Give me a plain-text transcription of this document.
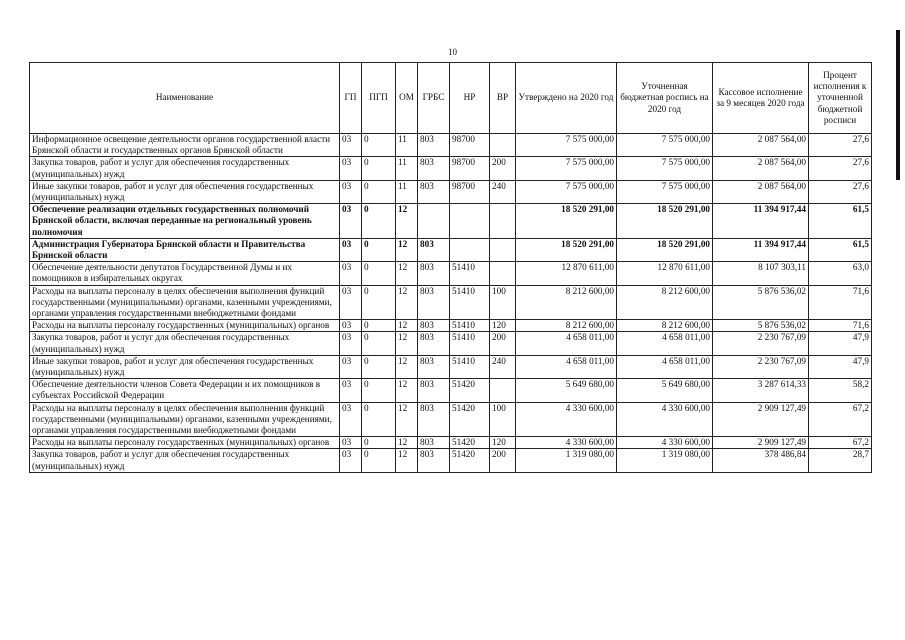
10
Наименование	ГП	ПГП	ОМ	ГРБС	НР	ВР	Утверждено на 2020 год	Уточненная бюджетная роспись на 2020 год	Кассовое исполнение за 9 месяцев 2020 года	Процент исполнения к уточненной бюджетной росписи
Информационное освещение деятельности органов государственной власти Брянской области и государственных органов Брянской области	03	0	11	803	98700		7 575 000,00	7 575 000,00	2 087 564,00	27,6
Закупка товаров, работ и услуг для обеспечения государственных (муниципальных) нужд	03	0	11	803	98700	200	7 575 000,00	7 575 000,00	2 087 564,00	27,6
Иные закупки товаров, работ и услуг для обеспечения государственных (муниципальных) нужд	03	0	11	803	98700	240	7 575 000,00	7 575 000,00	2 087 564,00	27,6
Обеспечение реализации отдельных государственных полномочий Брянской области, включая переданные на региональный уровень полномочия	03	0	12				18 520 291,00	18 520 291,00	11 394 917,44	61,5
Администрация Губернатора Брянской области и Правительства Брянской области	03	0	12	803			18 520 291,00	18 520 291,00	11 394 917,44	61,5
Обеспечение деятельности депутатов Государственной Думы и их помощников в избирательных округах	03	0	12	803	51410		12 870 611,00	12 870 611,00	8 107 303,11	63,0
Расходы на выплаты персоналу в целях обеспечения выполнения функций государственными (муниципальными) органами, казенными учреждениями, органами управления государственными внебюджетными фондами	03	0	12	803	51410	100	8 212 600,00	8 212 600,00	5 876 536,02	71,6
Расходы на выплаты персоналу государственных (муниципальных) органов	03	0	12	803	51410	120	8 212 600,00	8 212 600,00	5 876 536,02	71,6
Закупка товаров, работ и услуг для обеспечения государственных (муниципальных) нужд	03	0	12	803	51410	200	4 658 011,00	4 658 011,00	2 230 767,09	47,9
Иные закупки товаров, работ и услуг для обеспечения государственных (муниципальных) нужд	03	0	12	803	51410	240	4 658 011,00	4 658 011,00	2 230 767,09	47,9
Обеспечение деятельности членов Совета Федерации и их помощников в субъектах Российской Федерации	03	0	12	803	51420		5 649 680,00	5 649 680,00	3 287 614,33	58,2
Расходы на выплаты персоналу в целях обеспечения выполнения функций государственными (муниципальными) органами, казенными учреждениями, органами управления государственными внебюджетными фондами	03	0	12	803	51420	100	4 330 600,00	4 330 600,00	2 909 127,49	67,2
Расходы на выплаты персоналу государственных (муниципальных) органов	03	0	12	803	51420	120	4 330 600,00	4 330 600,00	2 909 127,49	67,2
Закупка товаров, работ и услуг для обеспечения государственных (муниципальных) нужд	03	0	12	803	51420	200	1 319 080,00	1 319 080,00	378 486,84	28,7
